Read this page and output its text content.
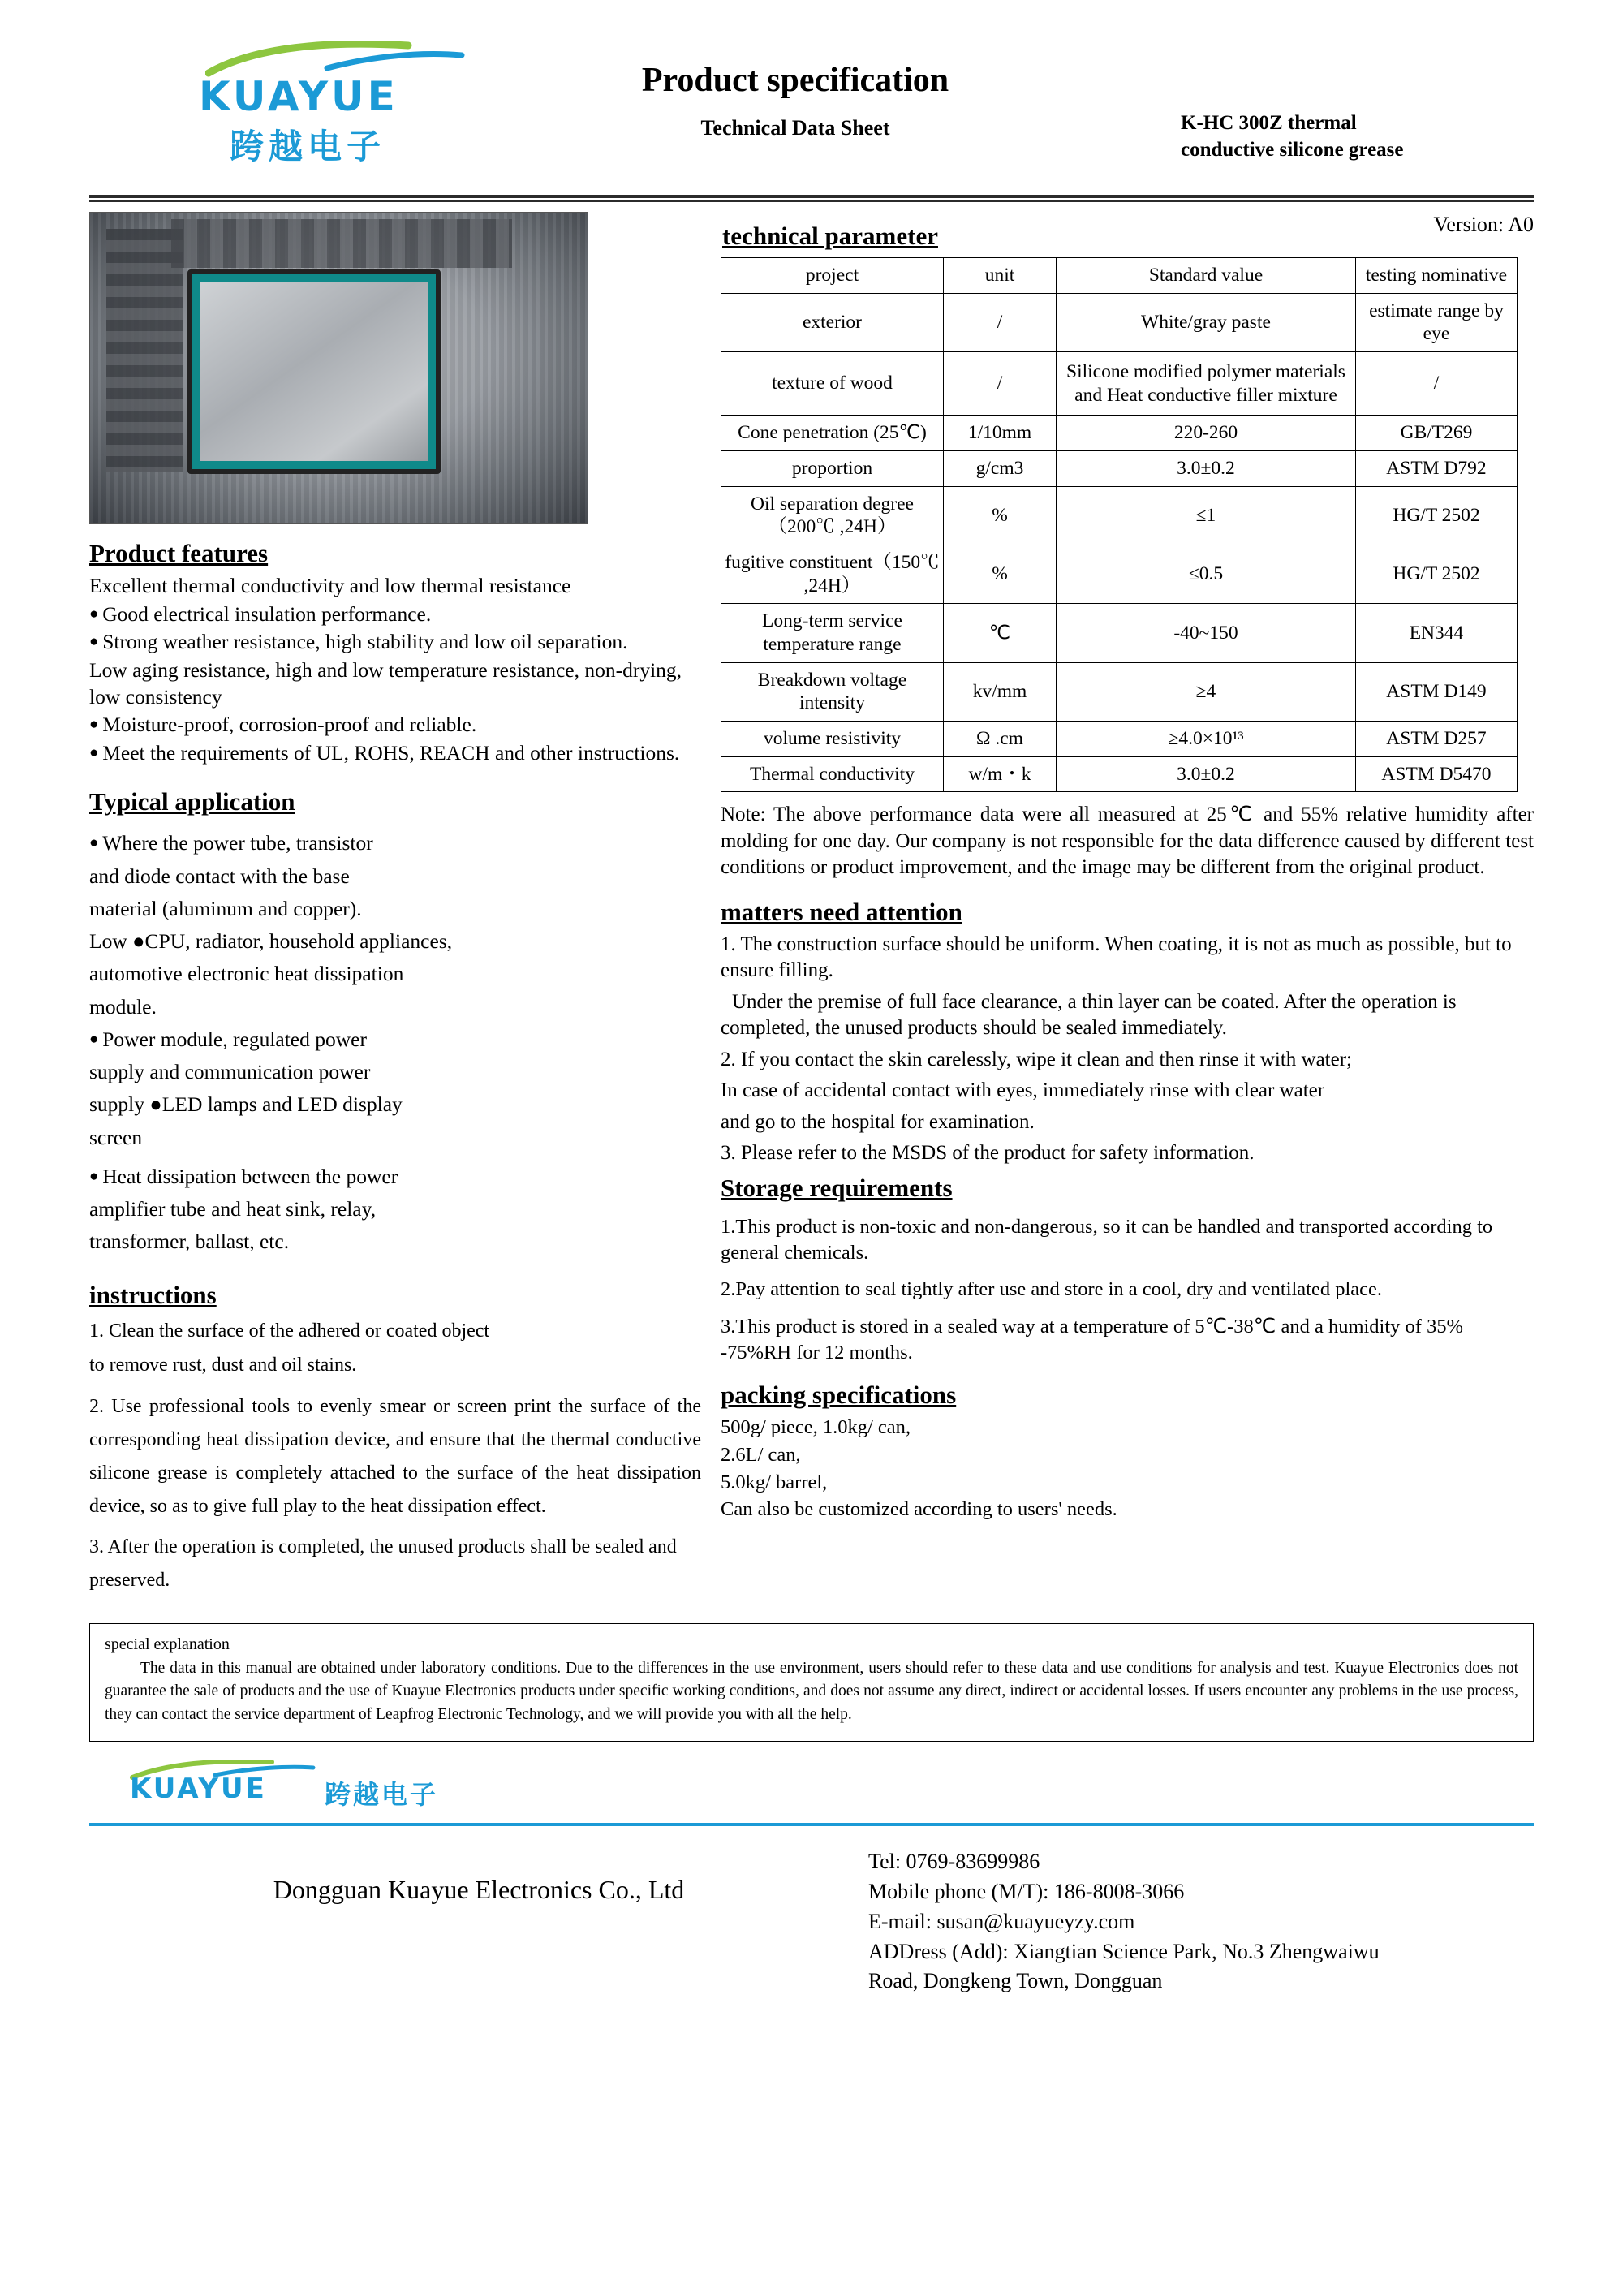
KUAYUE
跨越电子
Product specification
Technical Data Sheet	K-HC 300Z thermal
conductive silicone grease
Version: A0
Product features
Excellent thermal conductivity and low thermal resistance
● Good electrical insulation performance.
● Strong weather resistance, high stability and low oil separation.
Low aging resistance, high and low temperature resistance, non-drying, low consistency
● Moisture-proof, corrosion-proof and reliable.
● Meet the requirements of UL, ROHS, REACH and other instructions.
Typical application
● Where the power tube, transistor
and diode contact with the base
material (aluminum and copper).
Low ●CPU, radiator, household appliances,
automotive electronic heat dissipation
module.
● Power module, regulated power
supply and communication power
supply ●LED lamps and LED display
screen
● Heat dissipation between the power
amplifier tube and heat sink, relay,
transformer, ballast, etc.
instructions
1. Clean the surface of the adhered or coated object
to remove rust, dust and oil stains.
2. Use professional tools to evenly smear or screen print the surface of the corresponding heat dissipation device, and ensure that the thermal conductive silicone grease is completely attached to the surface of the heat dissipation device, so as to give full play to the heat dissipation effect.
3. After the operation is completed, the unused products shall be sealed and preserved.
technical parameter
project	unit	Standard value	testing nominative
exterior	/	White/gray paste	estimate range by eye
texture of wood	/	Silicone modified polymer materials and Heat conductive filler mixture	/
Cone penetration (25℃)	1/10mm	220-260	GB/T269
proportion	g/cm3	3.0±0.2	ASTM D792
Oil separation degree（200℃ ,24H）	%	≤1	HG/T 2502
fugitive constituent（150℃ ,24H）	%	≤0.5	HG/T 2502
Long-term service temperature range	℃	-40~150	EN344
Breakdown voltage intensity	kv/mm	≥4	ASTM D149
volume resistivity	Ω .cm	≥4.0×10¹³	ASTM D257
Thermal conductivity	w/m・k	3.0±0.2	ASTM D5470
Note: The above performance data were all measured at 25℃ and 55% relative humidity after molding for one day. Our company is not responsible for the data difference caused by different test conditions or product improvement, and the image may be different from the original product.
matters need attention
1. The construction surface should be uniform. When coating, it is not as much as possible, but to ensure filling.
Under the premise of full face clearance, a thin layer can be coated. After the operation is completed, the unused products should be sealed immediately.
2. If you contact the skin carelessly, wipe it clean and then rinse it with water;
In case of accidental contact with eyes, immediately rinse with clear water
and go to the hospital for examination.
3. Please refer to the MSDS of the product for safety information.
Storage requirements
1.This product is non-toxic and non-dangerous, so it can be handled and transported according to general chemicals.
2.Pay attention to seal tightly after use and store in a cool, dry and ventilated place.
3.This product is stored in a sealed way at a temperature of 5℃-38℃ and a humidity of 35% -75%RH for 12 months.
packing specifications
500g/ piece, 1.0kg/ can,
2.6L/ can,
5.0kg/ barrel,
Can also be customized according to users' needs.
special explanation
The data in this manual are obtained under laboratory conditions. Due to the differences in the use environment, users should refer to these data and use conditions for analysis and test. Kuayue Electronics does not guarantee the sale of products and the use of Kuayue Electronics products under specific working conditions, and does not assume any direct, indirect or accidental losses. If users encounter any problems in the use process, they can contact the service department of Leapfrog Electronic Technology, and we will provide you with all the help.
KUAYUE 跨越电子
Dongguan Kuayue Electronics Co., Ltd
Tel: 0769-83699986
Mobile phone (M/T): 186-8008-3066
E-mail: susan@kuayueyzy.com
ADDress (Add): Xiangtian Science Park, No.3 Zhengwaiwu
Road, Dongkeng Town, Dongguan
